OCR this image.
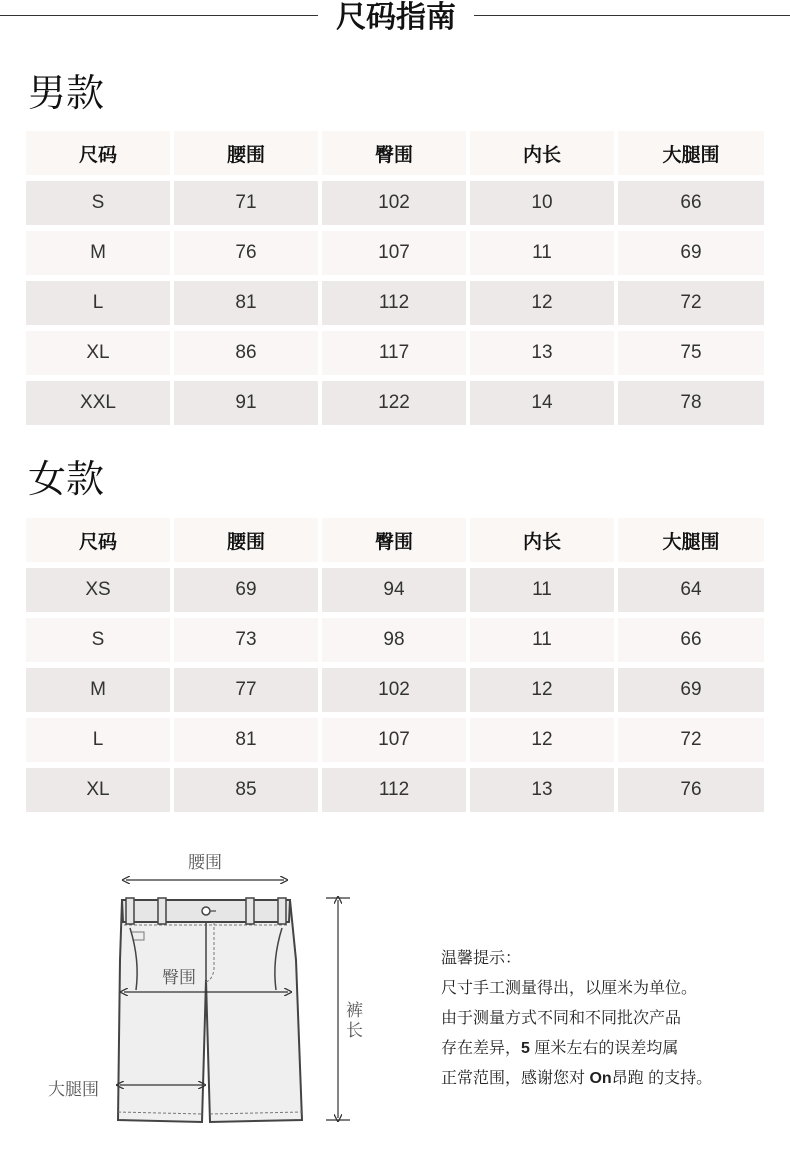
尺码指南
男款
尺码	腰围	臀围	内长	大腿围
S	71	102	10	66
M	76	107	11	69
L	81	112	12	72
XL	86	117	13	75
XXL	91	122	14	78
女款
尺码	腰围	臀围	内长	大腿围
XS	69	94	11	64
S	73	98	11	66
M	77	102	12	69
L	81	107	12	72
XL	85	112	13	76
腰围
臀围
大腿围
裤
长
温馨提示：
尺寸手工测量得出，以厘米为单位。
由于测量方式不同和不同批次产品
存在差异，5 厘米左右的误差均属
正常范围，感谢您对 On昂跑 的支持。
